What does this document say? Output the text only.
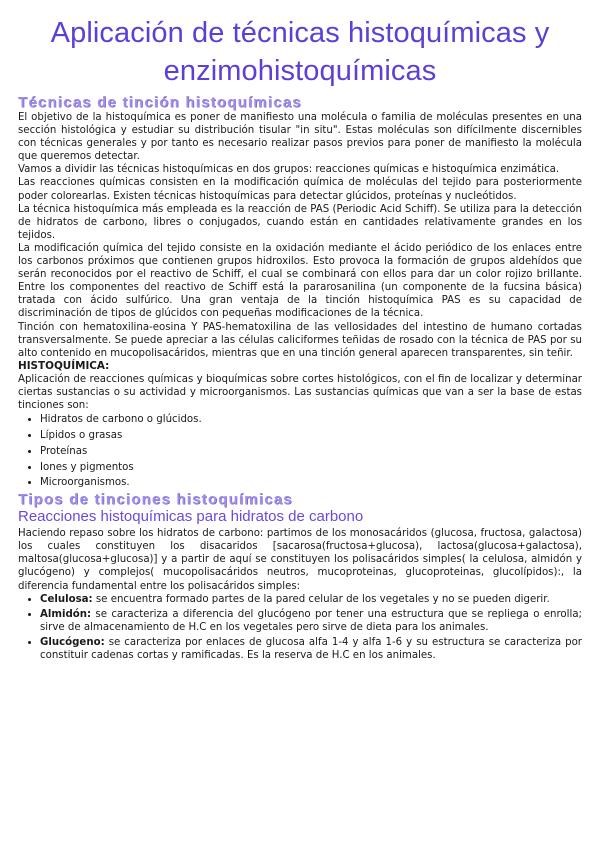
Aplicación de técnicas histoquímicas y enzimohistoquímicas
Técnicas de tinción histoquímicas

El objetivo de la histoquímica es poner de manifiesto una molécula o familia de moléculas presentes en una sección histológica y estudiar su distribución tisular "in situ". Estas moléculas son difícilmente discernibles con técnicas generales y por tanto es necesario realizar pasos previos para poner de manifiesto la molécula que queremos detectar.

Vamos a dividir las técnicas histoquímicas en dos grupos: reacciones químicas e histoquímica enzimática.

Las reacciones químicas consisten en la modificación química de moléculas del tejido para posteriormente poder colorearlas. Existen técnicas histoquímicas para detectar glúcidos, proteínas y nucleótidos.

La técnica histoquímica más empleada es la reacción de PAS (Periodic Acid Schiff). Se utiliza para la detección de hidratos de carbono, libres o conjugados, cuando están en cantidades relativamente grandes en los tejidos.

La modificación química del tejido consiste en la oxidación mediante el ácido periódico de los enlaces entre los carbonos próximos que contienen grupos hidroxilos. Esto provoca la formación de grupos aldehídos que serán reconocidos por el reactivo de Schiff, el cual se combinará con ellos para dar un color rojizo brillante. Entre los componentes del reactivo de Schiff está la pararosanilina (un componente de la fucsina básica) tratada con ácido sulfúrico. Una gran ventaja de la tinción histoquímica PAS es su capacidad de discriminación de tipos de glúcidos con pequeñas modificaciones de la técnica.

Tinción con hematoxilina-eosina Y PAS-hematoxilina de las vellosidades del intestino de humano cortadas transversalmente. Se puede apreciar a las células caliciformes teñidas de rosado con la técnica de PAS por su alto contenido en mucopolisacáridos, mientras que en una tinción general aparecen transparentes, sin teñir.

HISTOQUÍMICA:

Aplicación de reacciones químicas y bioquímicas sobre cortes histológicos, con el fin de localizar y determinar ciertas sustancias o su actividad y microorganismos. Las sustancias químicas que van a ser la base de estas tinciones son:

• Hidratos de carbono o glúcidos.
• Lípidos o grasas
• Proteínas
• Iones y pigmentos
• Microorganismos.
Tipos de tinciones histoquímicas
Reacciones histoquímicas para hidratos de carbono

Haciendo repaso sobre los hidratos de carbono: partimos de los monosacáridos (glucosa, fructosa, galactosa) los cuales constituyen los disacaridos [sacarosa(fructosa+glucosa), lactosa(glucosa+galactosa), maltosa(glucosa+glucosa)] y a partir de aquí se constituyen los polisacáridos simples( la celulosa, almidón y glucógeno) y complejos( mucopolisacáridos neutros, mucoproteinas, glucoproteinas, glucolípidos):, la diferencia fundamental entre los polisacáridos simples:

• Celulosa: se encuentra formado partes de la pared celular de los vegetales y no se pueden digerir.
• Almidón: se caracteriza a diferencia del glucógeno por tener una estructura que se repliega o enrolla; sirve de almacenamiento de H.C en los vegetales pero sirve de dieta para los animales.
• Glucógeno: se caracteriza por enlaces de glucosa alfa 1-4 y alfa 1-6 y su estructura se caracteriza por constituir cadenas cortas y ramificadas. Es la reserva de H.C en los animales.
